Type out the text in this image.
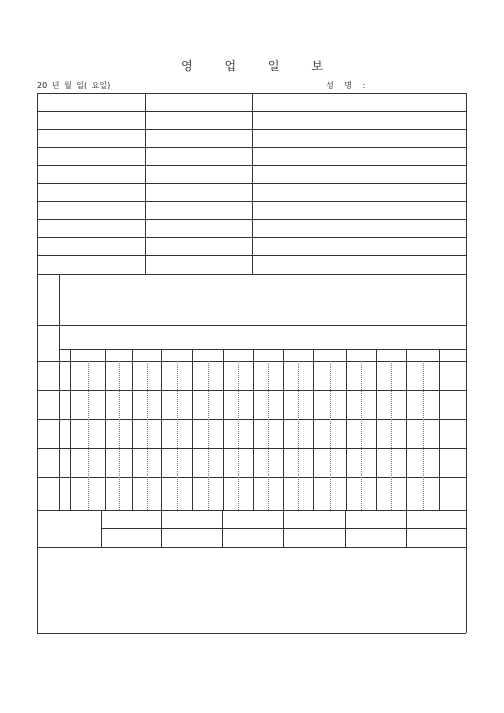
영 업 일 보
20 년 월 일( 요일)	성 명 :
